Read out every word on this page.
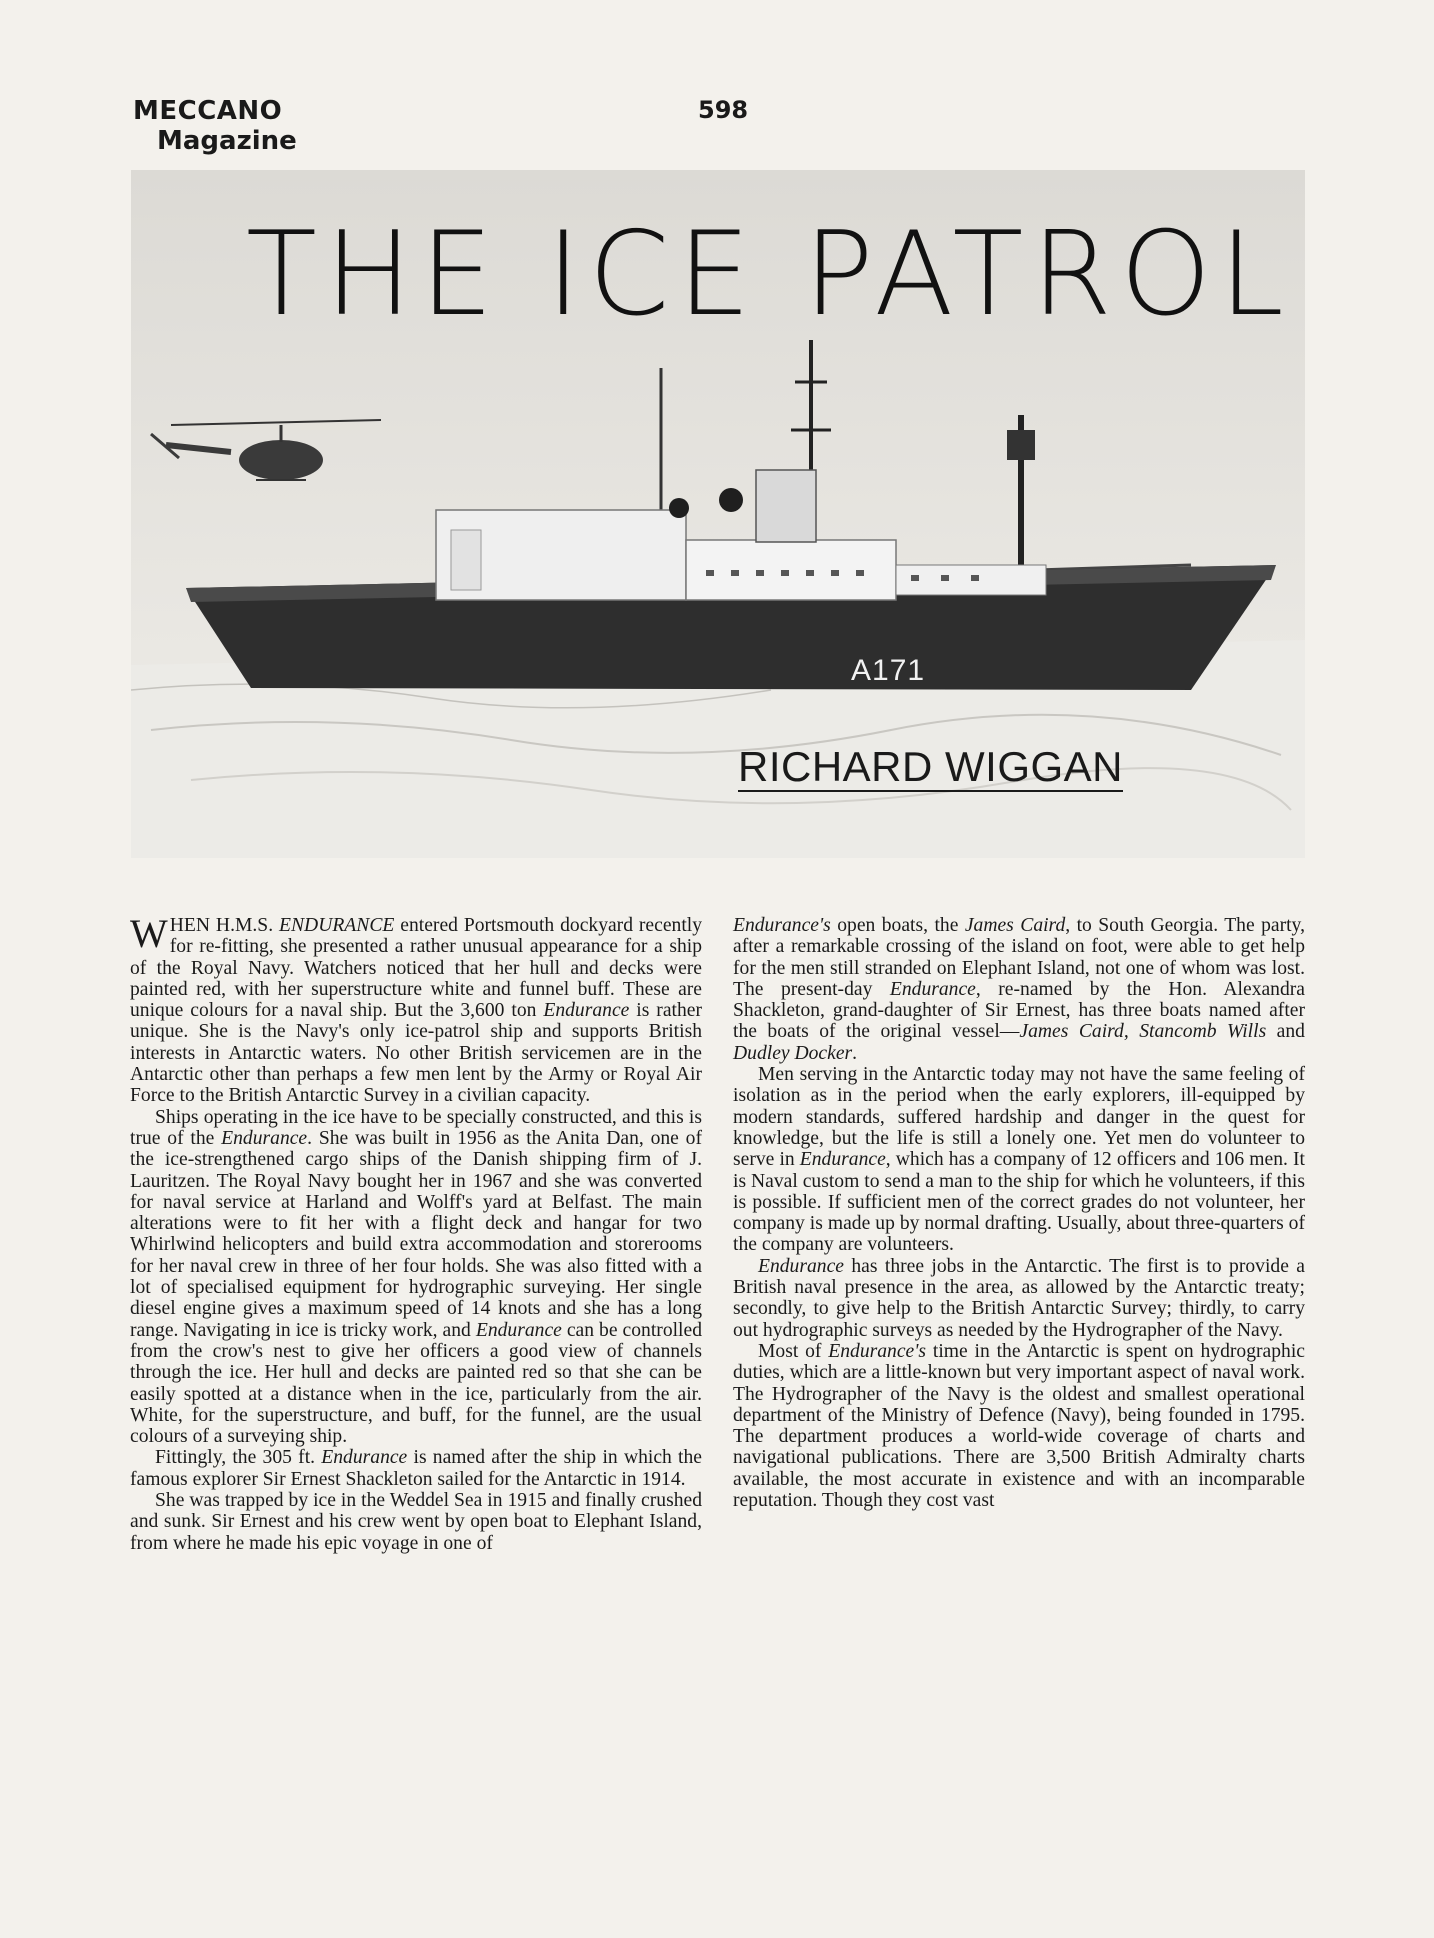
MECCANO
Magazine
598
A171
THE ICE PATROL
RICHARD WIGGAN

WHEN H.M.S. ENDURANCE entered Portsmouth dockyard recently for re-fitting, she presented a rather unusual appearance for a ship of the Royal Navy. Watchers noticed that her hull and decks were painted red, with her superstructure white and funnel buff. These are unique colours for a naval ship. But the 3,600 ton Endurance is rather unique. She is the Navy's only ice-patrol ship and supports British interests in Antarctic waters. No other British servicemen are in the Antarctic other than perhaps a few men lent by the Army or Royal Air Force to the British Antarctic Survey in a civilian capacity.

Ships operating in the ice have to be specially constructed, and this is true of the Endurance. She was built in 1956 as the Anita Dan, one of the ice-strengthened cargo ships of the Danish shipping firm of J. Lauritzen. The Royal Navy bought her in 1967 and she was converted for naval service at Harland and Wolff's yard at Belfast. The main alterations were to fit her with a flight deck and hangar for two Whirlwind helicopters and build extra accommodation and storerooms for her naval crew in three of her four holds. She was also fitted with a lot of specialised equipment for hydrographic surveying. Her single diesel engine gives a maximum speed of 14 knots and she has a long range. Navigating in ice is tricky work, and Endurance can be controlled from the crow's nest to give her officers a good view of channels through the ice. Her hull and decks are painted red so that she can be easily spotted at a distance when in the ice, particularly from the air. White, for the superstructure, and buff, for the funnel, are the usual colours of a surveying ship.

Fittingly, the 305 ft. Endurance is named after the ship in which the famous explorer Sir Ernest Shackleton sailed for the Antarctic in 1914.

She was trapped by ice in the Weddel Sea in 1915 and finally crushed and sunk. Sir Ernest and his crew went by open boat to Elephant Island, from where he made his epic voyage in one of

Endurance's open boats, the James Caird, to South Georgia. The party, after a remarkable crossing of the island on foot, were able to get help for the men still stranded on Elephant Island, not one of whom was lost. The present-day Endurance, re-named by the Hon. Alexandra Shackleton, grand-daughter of Sir Ernest, has three boats named after the boats of the original vessel—James Caird, Stancomb Wills and Dudley Docker.

Men serving in the Antarctic today may not have the same feeling of isolation as in the period when the early explorers, ill-equipped by modern standards, suffered hardship and danger in the quest for knowledge, but the life is still a lonely one. Yet men do volunteer to serve in Endurance, which has a company of 12 officers and 106 men. It is Naval custom to send a man to the ship for which he volunteers, if this is possible. If sufficient men of the correct grades do not volunteer, her company is made up by normal drafting. Usually, about three-quarters of the company are volunteers.

Endurance has three jobs in the Antarctic. The first is to provide a British naval presence in the area, as allowed by the Antarctic treaty; secondly, to give help to the British Antarctic Survey; thirdly, to carry out hydrographic surveys as needed by the Hydrographer of the Navy.

Most of Endurance's time in the Antarctic is spent on hydrographic duties, which are a little-known but very important aspect of naval work. The Hydrographer of the Navy is the oldest and smallest operational department of the Ministry of Defence (Navy), being founded in 1795. The department produces a world-wide coverage of charts and navigational publications. There are 3,500 British Admiralty charts available, the most accurate in existence and with an incomparable reputation. Though they cost vast
